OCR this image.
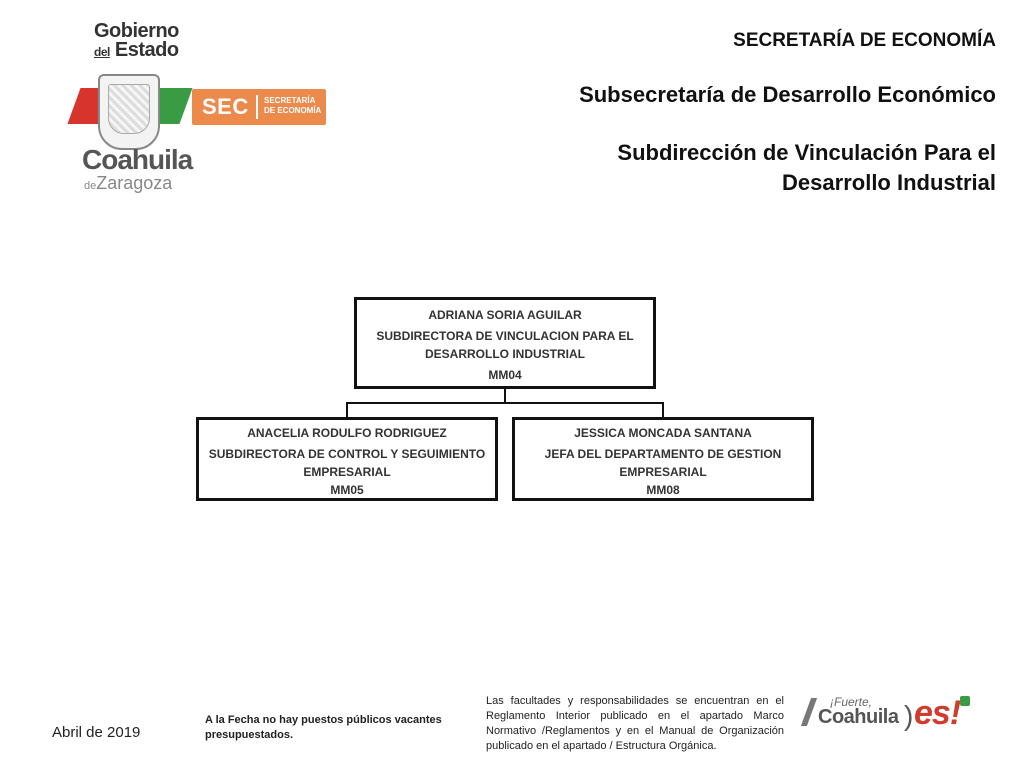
Gobierno
del Estado
SEC SECRETARÍA
DE ECONOMÍA
Coahuila
deZaragoza
SECRETARÍA DE ECONOMÍA
Subsecretaría de Desarrollo Económico
Subdirección de Vinculación Para el
Desarrollo Industrial
ADRIANA SORIA AGUILAR
SUBDIRECTORA DE VINCULACION PARA EL
DESARROLLO INDUSTRIAL
MM04
ANACELIA RODULFO RODRIGUEZ
SUBDIRECTORA DE CONTROL Y SEGUIMIENTO
EMPRESARIAL
MM05
JESSICA MONCADA SANTANA
JEFA DEL DEPARTAMENTO DE GESTION
EMPRESARIAL
MM08
Abril de 2019
A la Fecha no hay puestos públicos vacantes presupuestados.
Las facultades y responsabilidades se encuentran en el Reglamento Interior publicado en el apartado Marco Normativo /Reglamentos y en el Manual de Organización publicado en el apartado / Estructura Orgánica.
¡Fuerte,
Coahuila ) es!
